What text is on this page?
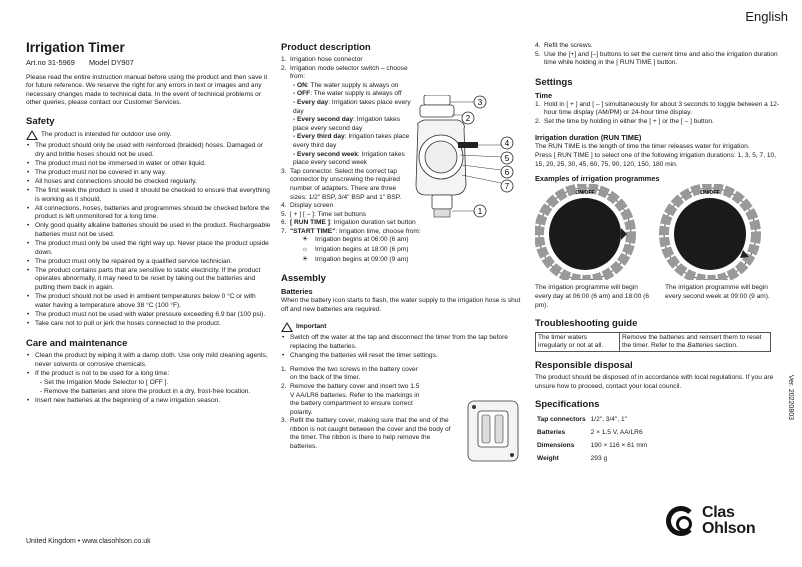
English
Irrigation Timer
Art.no 31-5969 Model DY907

Please read the entire instruction manual before using the product and then save it for future reference. We reserve the right for any errors in text or images and any necessary changes made to technical data. In the event of technical problems or other queries, please contact our Customer Services.

Safety
The product is intended for outdoor use only.
• The product should only be used with reinforced (braided) hoses. Damaged or dry and brittle hoses should not be used.
• The product must not be immersed in water or other liquid.
• The product must not be covered in any way.
• All hoses and connections should be checked regularly.
• The first week the product is used it should be checked to ensure that everything is working as it should.
• All connections, hoses, batteries and programmes should be checked before the product is left unmonitored for a long time.
• Only good quality alkaline batteries should be used in the product. Rechargeable batteries must not be used.
• The product must only be used the right way up. Never place the product upside down.
• The product must only be repaired by a qualified service technician.
• The product contains parts that are sensitive to static electricity. If the product operates abnormally, it may need to be reset by taking out the batteries and putting them back in again.
• The product should not be used in ambient temperatures below 0 °C or with water having a temperature above 38 °C (100 °F).
• The product must not be used with water pressure exceeding 6.9 bar (100 psi).
• Take care not to pull or jerk the hoses connected to the product.
Care and maintenance
• Clean the product by wiping it with a damp cloth. Use only mild cleaning agents, never solvents or corrosive chemicals.
• If the product is not to be used for a long time:
- Set the Irrigation Mode Selector to [ OFF ].
- Remove the batteries and store the product in a dry, frost-free location.
• Insert new batteries at the beginning of a new irrigation season.
United Kingdom • www.clasohlson.co.uk
Product description
1. Irrigation hose connector
2. Irrigation mode selector switch – choose from:
- ON: The water supply is always on
- OFF: The water supply is always off
- Every day: Irrigation takes place every day
- Every second day: Irrigation takes place every second day
- Every third day: Irrigation takes place every third day
- Every second week: Irrigation takes place every second week
3. Tap connector. Select the correct tap connector by unscrewing the required number of adapters. There are three sizes: 1/2" BSP, 3/4" BSP and 1" BSP.
4. Display screen
5. [ + ] [ – ]: Time set buttons
6. [ RUN TIME ]: Irrigation duration set button
7. "START TIME": Irrigation time, choose from:
☀ Irrigation begins at 06:00 (6 am)
☼ Irrigation begins at 18:00 (6 pm)
☀ Irrigation begins at 09:00 (9 am)
Assembly
Batteries

When the battery icon starts to flash, the water supply to the irrigation hose is shut off and new batteries are required.

Important
• Switch off the water at the tap and disconnect the timer from the tap before replacing the batteries.
• Changing the batteries will reset the timer settings.
1. Remove the two screws in the battery cover on the back of the timer.
2. Remove the battery cover and insert two 1.5 V AA/LR6 batteries. Refer to the markings in the battery compartment to ensure correct polarity.
3. Refit the battery cover, making sure that the end of the ribbon is not caught between the cover and the body of the timer. The ribbon is there to help remove the batteries.
3
2
4
5
6
7
1
4. Refit the screws.
5. Use the [+] and [–] buttons to set the current time and also the irrigation duration time while holding in the [ RUN TIME ] button.
Settings
Time
1. Hold in [ + ] and [ – ] simultaneously for about 3 seconds to toggle between a 12-hour time display (AM/PM) or 24-hour time display.
2. Set the time by holding in either the [ + ] or the [ – ] button.
Irrigation duration (RUN TIME)

The RUN TIME is the length of time the timer releases water for irrigation.

Press [ RUN TIME ] to select one of the following irrigation durations: 1, 3, 5, 7, 10, 15, 20, 25, 30, 45, 60, 75, 90, 120, 150, 180 min.

Examples of irrigation programmes
ON/OFF	ON/OFF
The irrigation programme will begin every day at 06:00 (6 am) and 18:00 (6 pm).
The irrigation programme will begin every second week at 09:00 (9 am).
Troubleshooting guide
The timer waters irregularly or not at all.	Remove the batteries and reinsert them to reset the timer. Refer to the Batteries section.
Responsible disposal

The product should be disposed of in accordance with local regulations. If you are unsure how to proceed, contact your local council.

Specifications
Tap connectors	1/2", 3/4", 1"
Batteries	2 × 1.5 V, AA/LR6
Dimensions	190 × 116 × 61 mm
Weight	293 g
Ver. 20220803
Clas
Ohlson
